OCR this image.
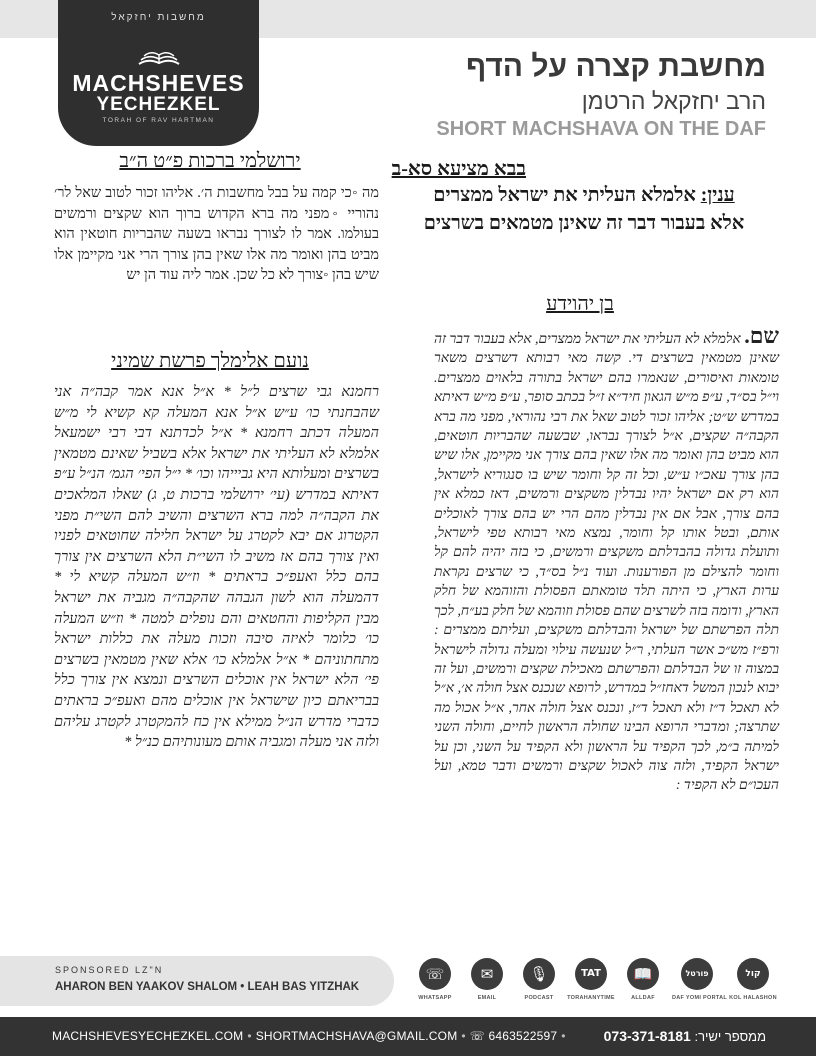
מחשבות יחזקאל
MACHSHEVES
YECHEZKEL
TORAH OF RAV HARTMAN
מחשבת קצרה על הדף
הרב יחזקאל הרטמן
SHORT MACHSHAVA ON THE DAF
בבא מציעא סא-ב
ענין: אלמלא העליתי את ישראל ממצרים
אלא בעבור דבר זה שאינן מטמאים בשרצים
ירושלמי ברכות פ״ט ה״ב
מה ◦כי קמה על בבל מחשבות ה׳. אליהו זכור לטוב שאל לר׳ נהוריי ◦מפני מה ברא הקדוש ברוך הוא שקצים ורמשים בעולמו. אמר לו לצורך נבראו בשעה שהבריות חוטאין הוא מביט בהן ואומר מה אלו שאין בהן צורך הרי אני מקיימן אלו שיש בהן ◦צורך לא כל שכן. אמר ליה עוד הן יש
נועם אלימלך פרשת שמיני
רחמנא גבי שרצים ל״ל * א״ל אנא אמר קבה״ה אני שהבחנתי כו׳ ע״ש א״ל אנא המעלה קא קשיא לי מ״ש המעלה דכתב רחמנא * א״ל לכדתנא דבי רבי ישמעאל אלמלא לא העליתי את ישראל אלא בשביל שאינם מטמאין בשרצים ומעלותא היא גביייהו וכו׳ * י״ל הפי׳ הגמ׳ הנ״ל ע״פ דאיתא במדרש (עי׳ ירושלמי ברכות ט, ג) שאלו המלאכים את הקבה״ה למה ברא השרצים והשיב להם השי״ת מפני הקטרוג אם יבא לקטרג על ישראל חלילה שחוטאים לפניו ואין צורך בהם אז משיב לו השי״ת הלא השרצים אין צורך בהם כלל ואעפ״כ בראתים * וז״ש המעלה קשיא לי * דהמעלה הוא לשון הגבהה שהקבה״ה מגביה את ישראל מבין הקליפות והחטאים והם נופלים למטה * וז״ש המעלה כו׳ כלומר לאיזה סיבה וזכות מעלה את כללות ישראל מתחתוניהם * א״ל אלמלא כו׳ אלא שאין מטמאין בשרצים פי׳ הלא ישראל אין אוכלים השרצים ונמצא אין צורך כלל בבריאתם כיון שישראל אין אוכלים מהם ואעפ״כ בראתים כדברי מדרש הנ״ל ממילא אין כח להמקטרג לקטרג עליהם ולזה אני מעלה ומגביה אותם מעונותיהם כנ״ל *
בן יהוידע
שם. אלמלא לא העליתי את ישראל ממצרים, אלא בעבור דבר זה שאינן מטמאין בשרצים די. קשה מאי רבותא דשרצים משאר טומאות ואיסורים, שנאמרו בהם ישראל בתורה בלאוים ממצרים. וי״ל בס״ד, ע״פ מ״ש הגאון חיד״א ז״ל בכתב סופר, ע״פ מ״ש דאיתא במדרש ש״ט; אליהו זכור לטוב שאל את רבי נהוראי, מפני מה ברא הקבה״ה שקצים, א״ל לצורך נבראו, שבשעה שהבריות חוטאים, הוא מביט בהן ואומר מה אלו שאין בהם צורך אני מקיימן, אלו שיש בהן צורך עאכ״ו ע״ש, וכל זה קל וחומר שיש בו סנגוריא לישראל, הוא רק אם ישראל יהיו נבדלין משקצים ורמשים, דאז כמלא אין בהם צורך, אבל אם אין נבדלין מהם הרי יש בהם צורך לאוכלים אותם, ובטל אותו קל וחומר, נמצא מאי רבותא טפי לישראל, ותועלת גדולה בהבדלתם משקצים ורמשים, כי בזה יהיה להם קל וחומר להצילם מן הפורענות. ועוד נ״ל בס״ד, כי שרצים נקראת ערות הארץ, כי היתה תלד טומאתם הפסולת והזוהמא של חלק הארץ, ודומה בזה לשרצים שהם פסולת וזוהמא של חלק בע״ח, לכך תלה הפרשתם של ישראל והבדלתם משקצים, ועליתם ממצרים : ורפ״ז מש״כ אשר העלתי, ר״ל שנעשה עילוי ומעלה גדולה לישראל במצוה זו של הבדלתם והפרשתם מאכילת שקצים ורמשים, ועל זה יבוא לנכון המשל דאחז״ל במדרש, לרופא שנכנס אצל חולה א׳, א״ל לא תאכל ד״ז ולא תאכל ד״ז, ונכנס אצל חולה אחר, א״ל אכול מה שתרצה; ומדברי הרופא הבינו שחולה הראשון לחיים, וחולה השני למיתה ב״מ, לכך הקפיד על הראשון ולא הקפיד על השני, וכן על ישראל הקפיד, ולזה צוה לאכול שקצים ורמשים ודבר טמא, ועל העכו״ם לא הקפיד :
SPONSORED LZ"N
AHARON BEN YAAKOV SHALOM • LEAH BAS YITZHAK
☏
WHATSAPP
✉
EMAIL
🎙
PODCAST
TAT
TORAHANYTIME
📖
ALLDAF
פורטל
DAF YOMI PORTAL
קול
KOL HALASHON
MACHSHEVESYECHEZKEL.COM • SHORTMACHSHAVA@GMAIL.COM • ☏ 6463522597 •	ממספר ישיר: 073-371-8181
